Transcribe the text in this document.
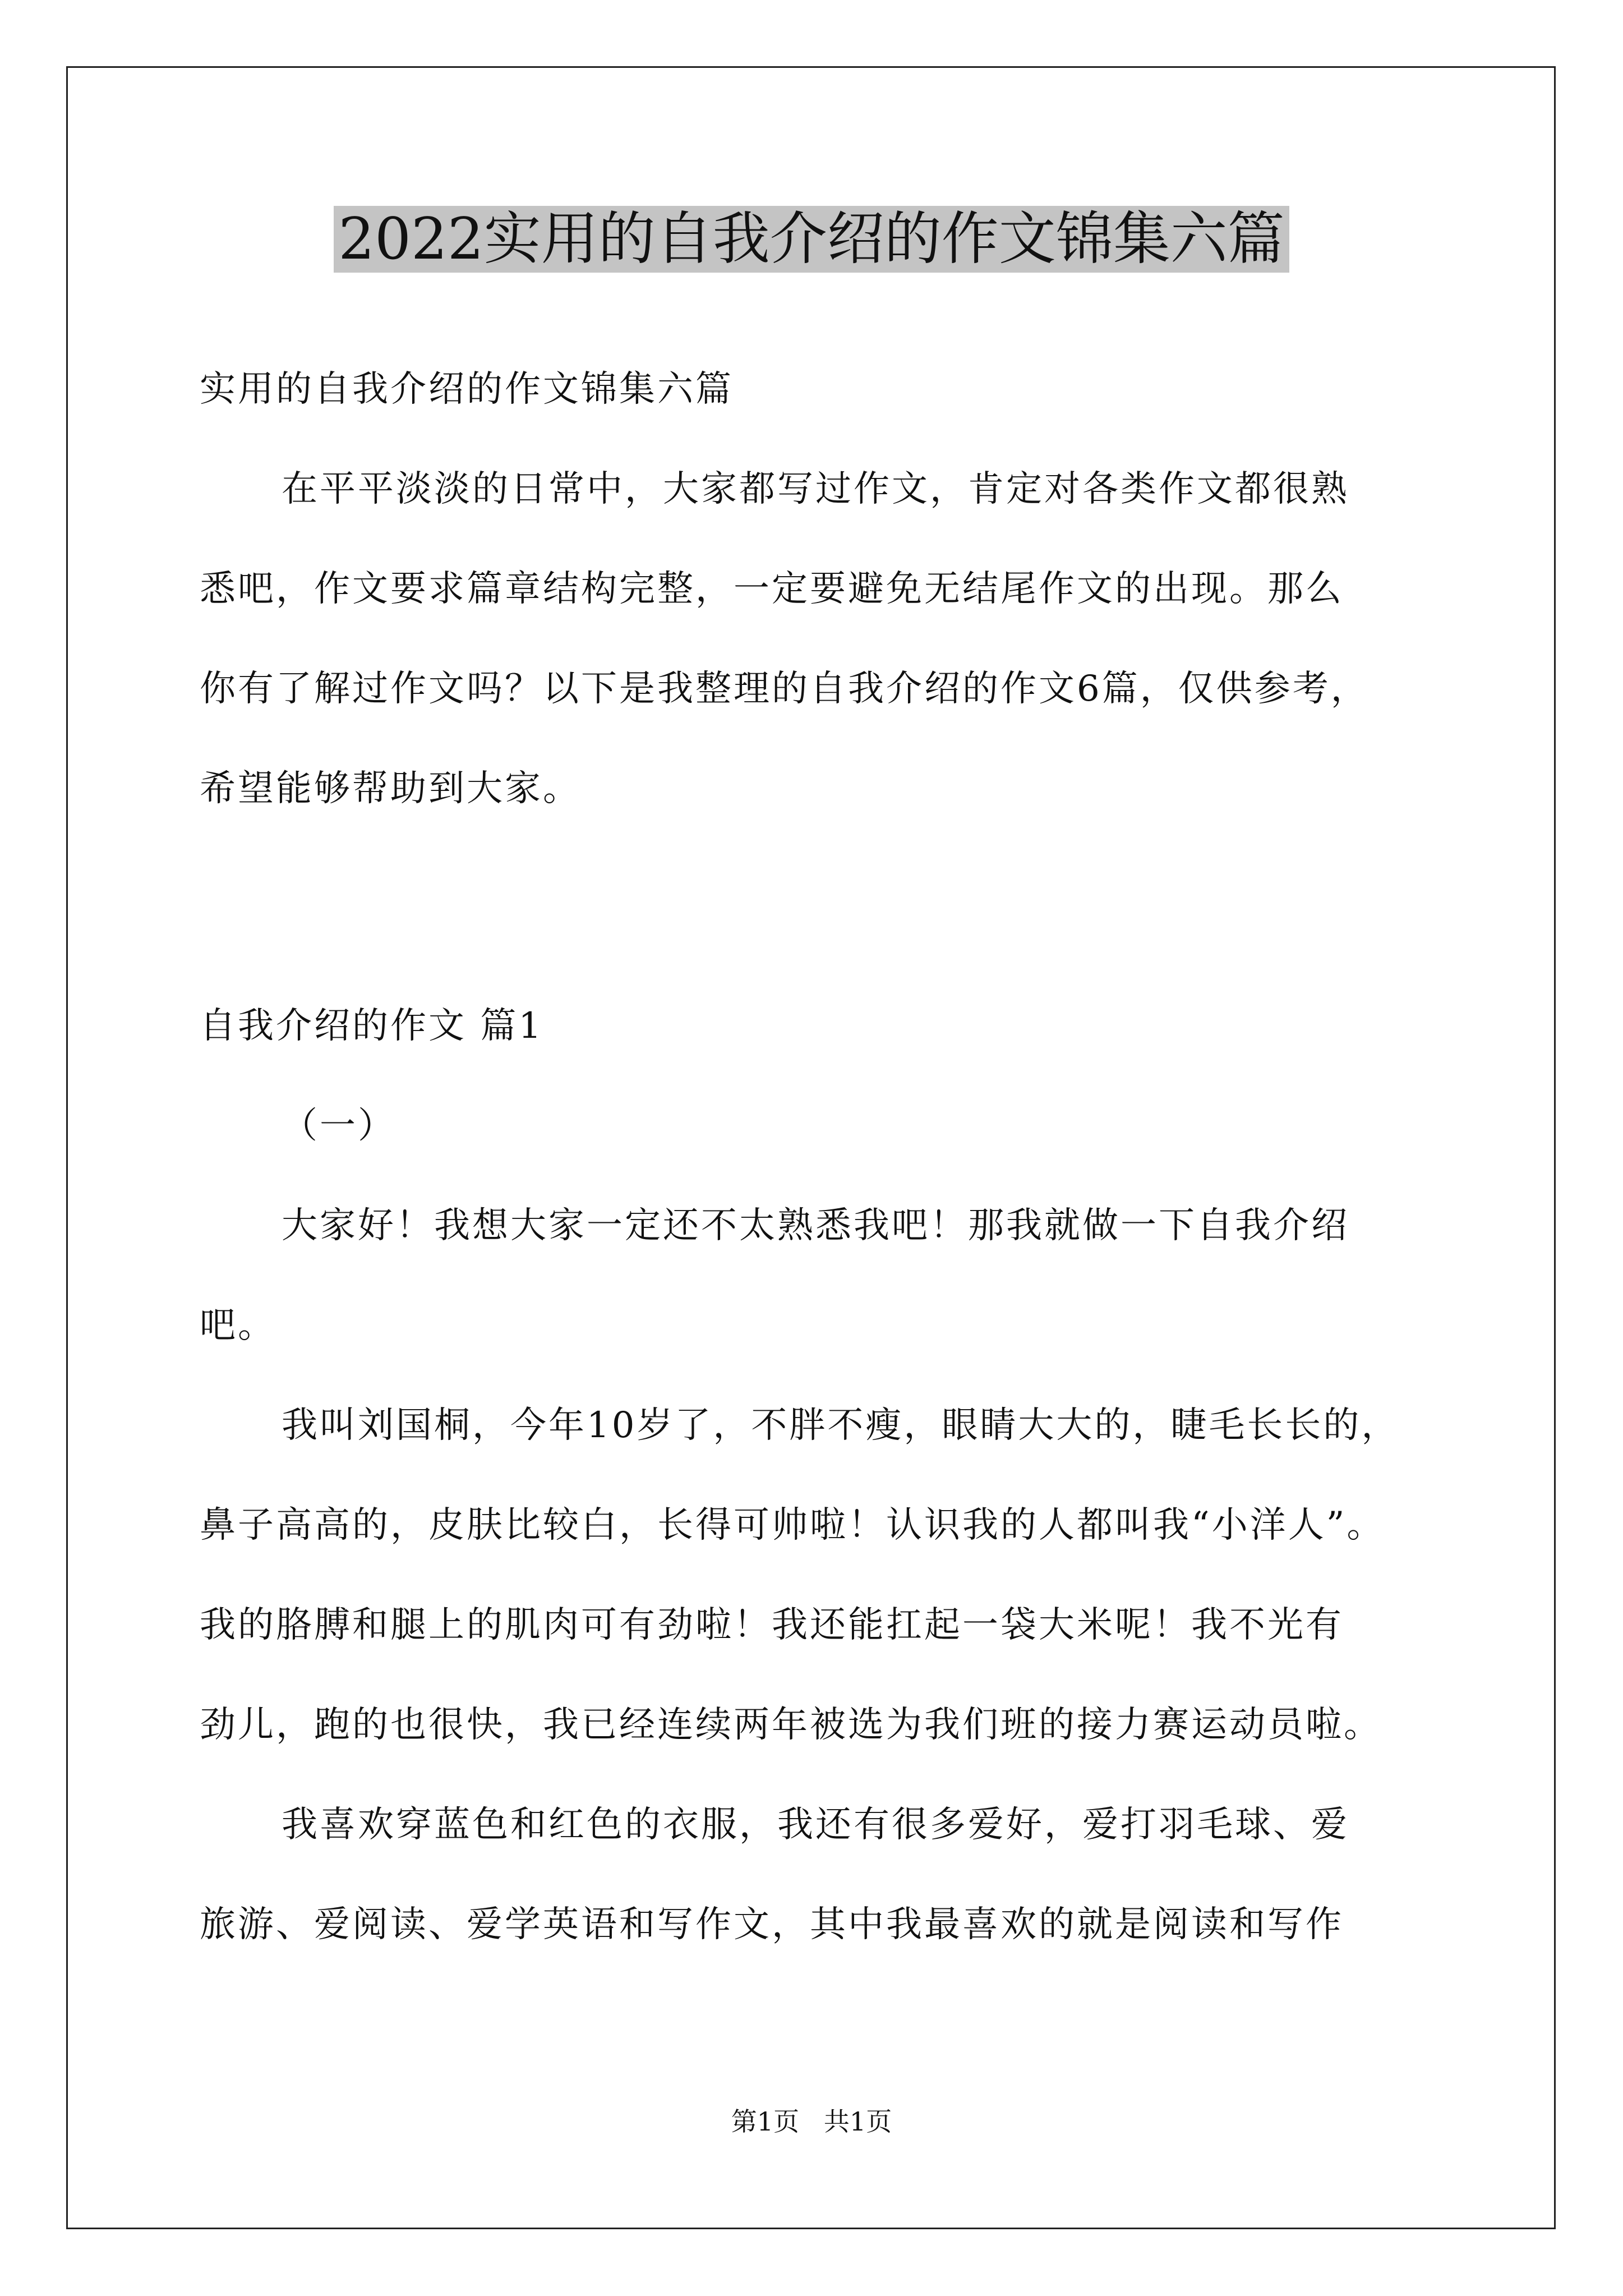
2022实用的自我介绍的作文锦集六篇
实用的自我介绍的作文锦集六篇
在平平淡淡的日常中，大家都写过作文，肯定对各类作文都很熟
悉吧，作文要求篇章结构完整，一定要避免无结尾作文的出现。那么
你有了解过作文吗？以下是我整理的自我介绍的作文6篇，仅供参考，
希望能够帮助到大家。
自我介绍的作文 篇1
（一）
大家好！我想大家一定还不太熟悉我吧！那我就做一下自我介绍
吧。
我叫刘国桐，今年10岁了，不胖不瘦，眼睛大大的，睫毛长长的，
鼻子高高的，皮肤比较白，长得可帅啦！认识我的人都叫我“小洋人”。
我的胳膊和腿上的肌肉可有劲啦！我还能扛起一袋大米呢！我不光有
劲儿，跑的也很快，我已经连续两年被选为我们班的接力赛运动员啦。
我喜欢穿蓝色和红色的衣服，我还有很多爱好，爱打羽毛球、爱
旅游、爱阅读、爱学英语和写作文，其中我最喜欢的就是阅读和写作
第1页   共1页
